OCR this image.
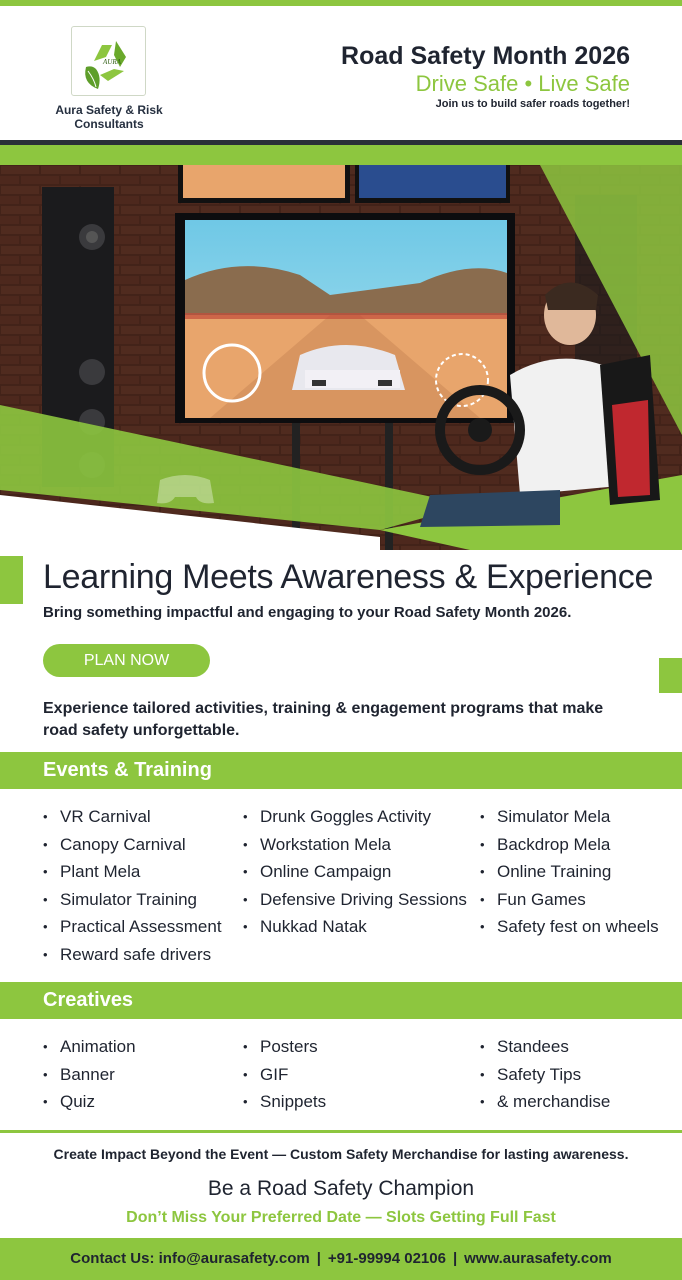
AURA
Aura Safety & Risk Consultants
Road Safety Month 2026
Drive Safe • Live Safe
Join us to build safer roads together!
Learning Meets Awareness & Experience
Bring something impactful and engaging to your Road Safety Month 2026.
PLAN NOW
Experience tailored activities, training & engagement programs that make road safety unforgettable.
Events & Training
• VR Carnival
• Canopy Carnival
• Plant Mela
• Simulator Training
• Practical Assessment
• Reward safe drivers
• Drunk Goggles Activity
• Workstation Mela
• Online Campaign
• Defensive Driving Sessions
• Nukkad Natak
• Simulator Mela
• Backdrop Mela
• Online Training
• Fun Games
• Safety fest on wheels
Creatives
• Animation
• Banner
• Quiz
• Posters
• GIF
• Snippets
• Standees
• Safety Tips
• & merchandise
Create Impact Beyond the Event — Custom Safety Merchandise for lasting awareness.
Be a Road Safety Champion
Don’t Miss Your Preferred Date — Slots Getting Full Fast
Contact Us: info@aurasafety.com | +91-99994 02106 | www.aurasafety.com
